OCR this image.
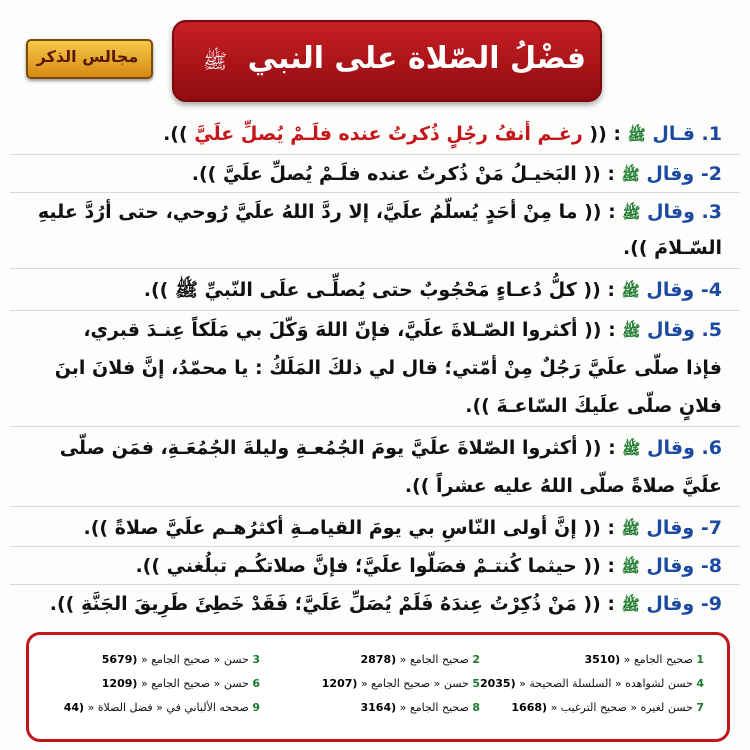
فضْلُ الصّلاة على النبي
ﷺ
مجالس الذكر
1. قـال ﷺ : (( رغـم أنفُ رجُلٍ ذُكرتُ عنده فلَـمْ يُصلِّ علَيَّ )).
2- وقال ﷺ : (( البَخيـلُ مَنْ ذُكرتُ عنده فلَـمْ يُصلِّ علَيَّ )).
3. وقال ﷺ : (( ما مِنْ أحَدٍ يُسلّمُ علَيَّ، إلا ردَّ اللهُ علَيَّ رُوحي، حتى أرُدَّ عليهِ
السّـلامَ )).
4- وقال ﷺ : (( كلُّ دُعـاءٍ مَحْجُوبٌ حتى يُصلِّـى علَى النّبيِّ ﷺ )).
5. وقال ﷺ : (( أكثروا الصّـلاةَ علَيَّ، فإنّ اللهَ وَكّلَ بي مَلَكاً عِنـدَ قبري،
فإذا صلّى علَيَّ رَجُلٌ مِنْ أمّتي؛ قال لي ذلكَ المَلَكُ : يا محمّدُ، إنَّ فلانَ ابنَ
فلانٍ صلّى علَيكَ السّاعـةَ )).
6. وقال ﷺ : (( أكثروا الصّلاةَ علَيَّ يومَ الجُمُعـةِ وليلةَ الجُمُعَـةِ، فمَن صلّى
علَيَّ صلاةً صلّى اللهُ عليه عشراً )).
7- وقال ﷺ : (( إنَّ أولى النّاسِ بي يومَ القيامـةِ أكثرُهـم علَيَّ صلاةً )).
8- وقال ﷺ : (( حيثما كُنتـمْ فصَلّوا علَيَّ؛ فإنَّ صلاتكُـم تبلُغني )).
9- وقال ﷺ : (( مَنْ ذُكِرْتُ عِندَهُ فَلَمْ يُصَلِّ عَلَيَّ؛ فَقَدْ خَطِئَ طَرِيقَ الجَنَّةِ )).
1 صحيح الجامع « (3510
2 صحيح الجامع « (2878
3 حسن « صحيح الجامع « (5679
4 حسن لشواهده « السلسلة الصحيحة « (2035
5 حسن « صحيح الجامع « (1207
6 حسن « صحيح الجامع « (1209
7 حسن لغيره « صحيح الترغيب « (1668
8 صحيح الجامع « (3164
9 صححه الألباني في « فضل الصلاة « (44
